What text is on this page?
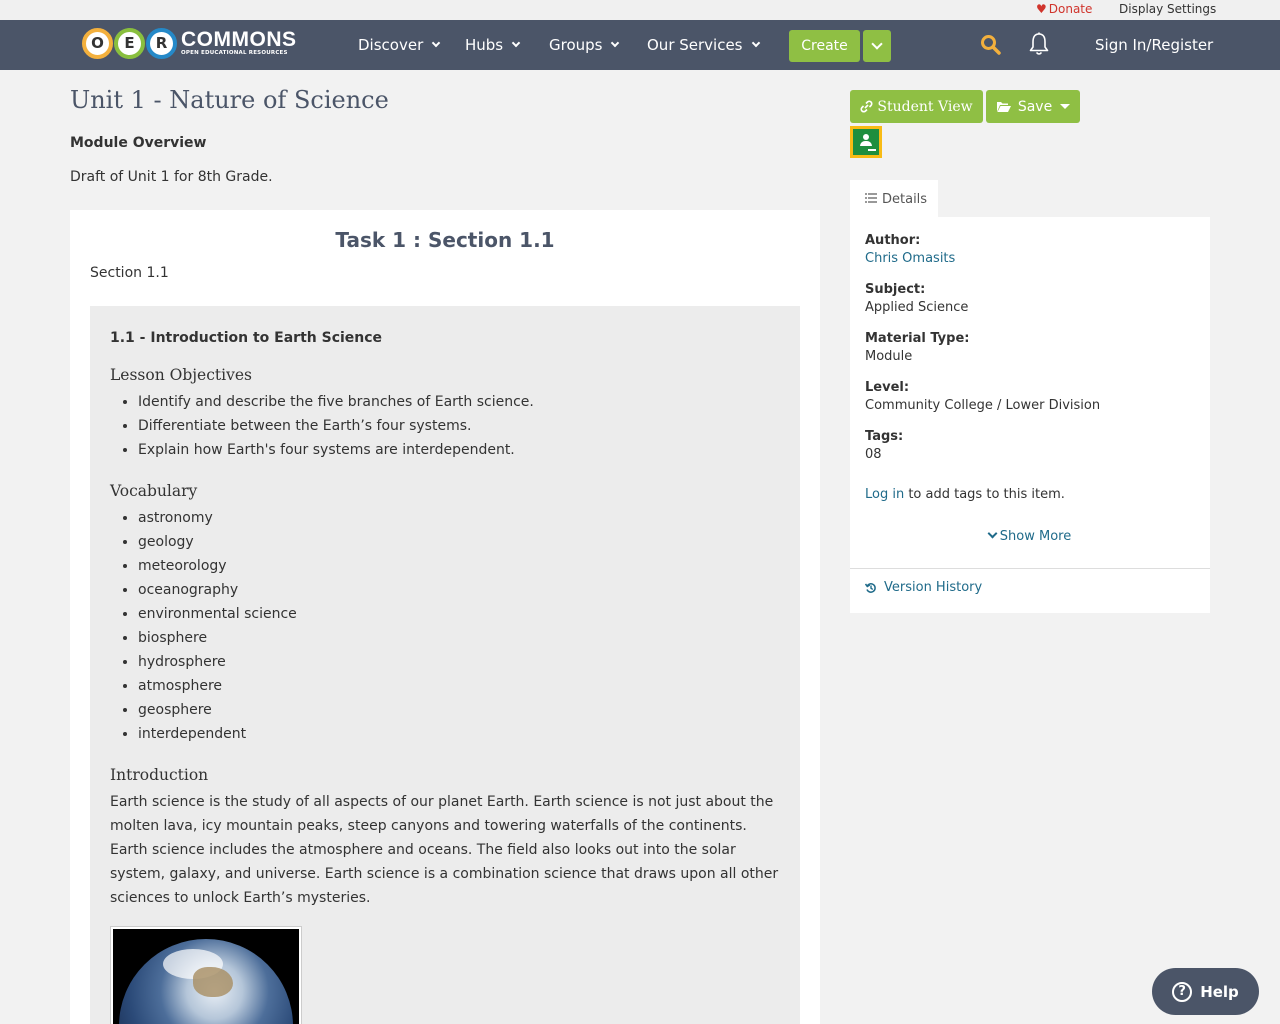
♥ Donate Display Settings
O	E	R COMMONS
OPEN EDUCATIONAL RESOURCES	Discover	Hubs	Groups	Our Services	Create	Sign In/Register
Unit 1 - Nature of Science
Module Overview
Draft of Unit 1 for 8th Grade.
Task 1 : Section 1.1
Section 1.1
1.1 - Introduction to Earth Science
Lesson Objectives
• Identify and describe the five branches of Earth science.
• Differentiate between the Earth’s four systems.
• Explain how Earth's four systems are interdependent.
Vocabulary
• astronomy
• geology
• meteorology
• oceanography
• environmental science
• biosphere
• hydrosphere
• atmosphere
• geosphere
• interdependent
Introduction

Earth science is the study of all aspects of our planet Earth. Earth science is not just about the molten lava, icy mountain peaks, steep canyons and towering waterfalls of the continents. Earth science includes the atmosphere and oceans. The field also looks out into the solar system, galaxy, and universe. Earth science is a combination science that draws upon all other sciences to unlock Earth’s mysteries.

Student View	Save
Details
Author:
Chris Omasits
Subject:
Applied Science
Material Type:
Module
Level:
Community College / Lower Division
Tags:
08
Log in to add tags to this item.
Show More
Version History
? Help
